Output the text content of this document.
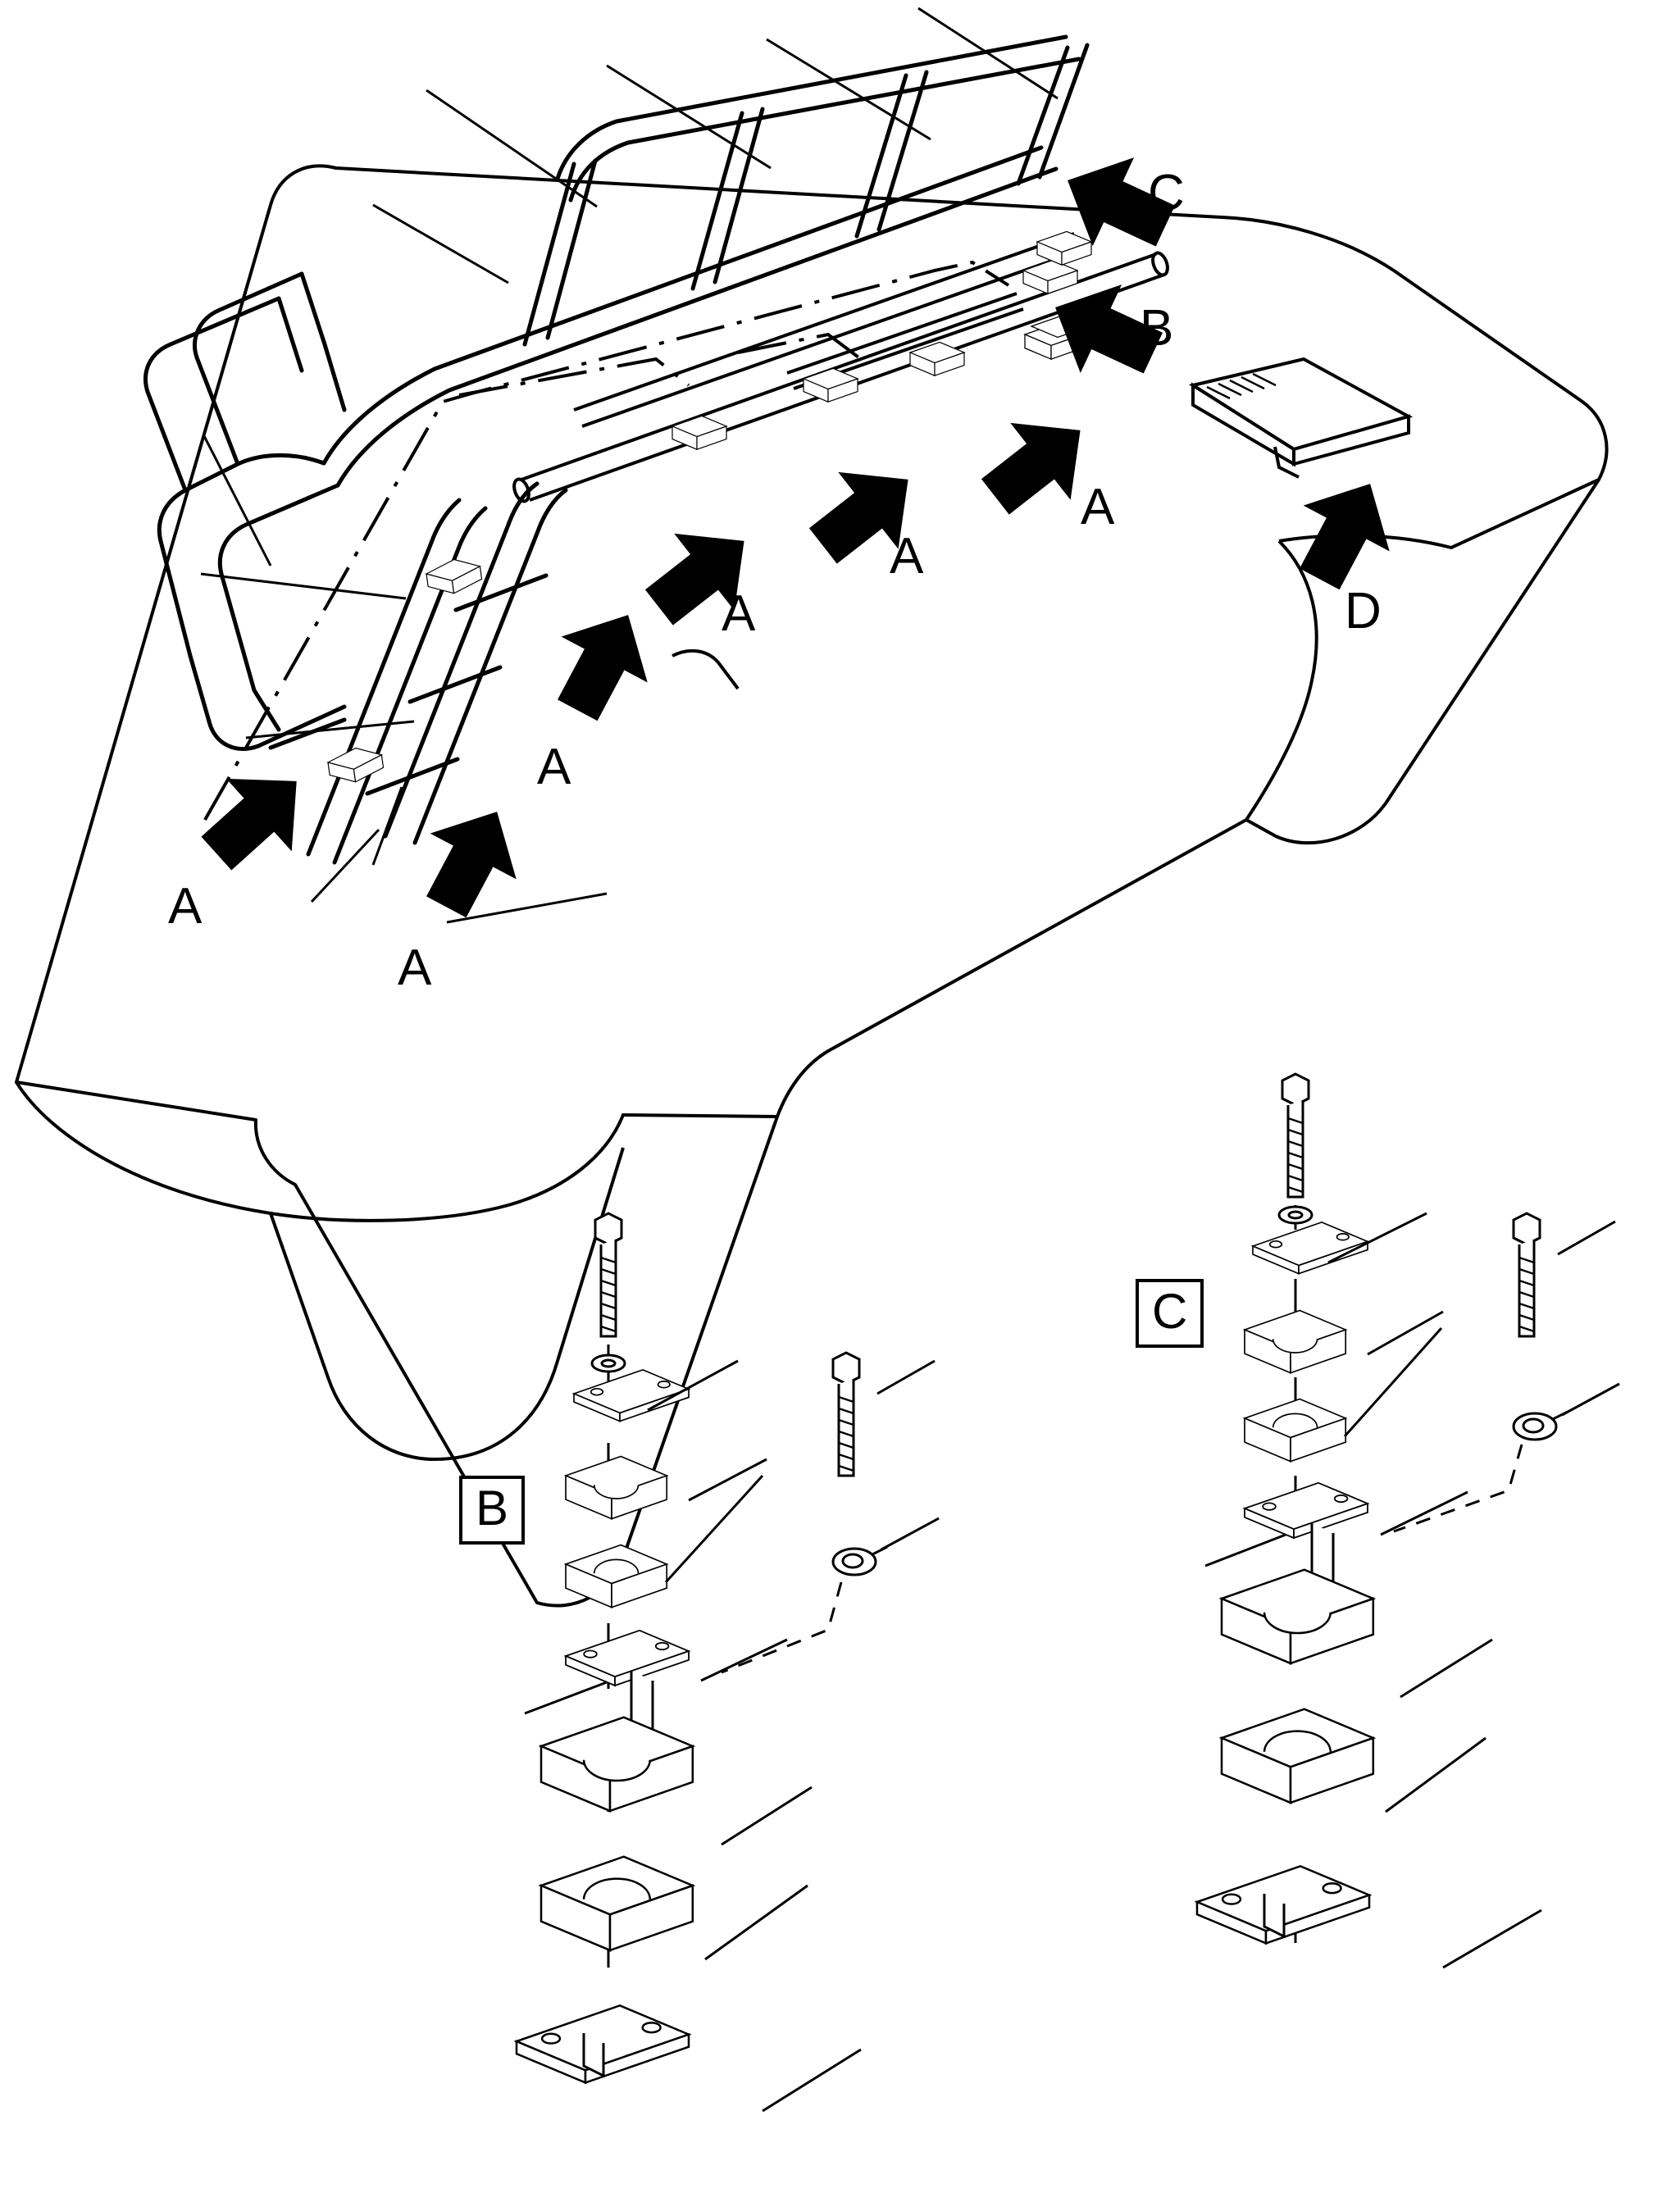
A
A
A
A
A
A
C
B
D
B
C
